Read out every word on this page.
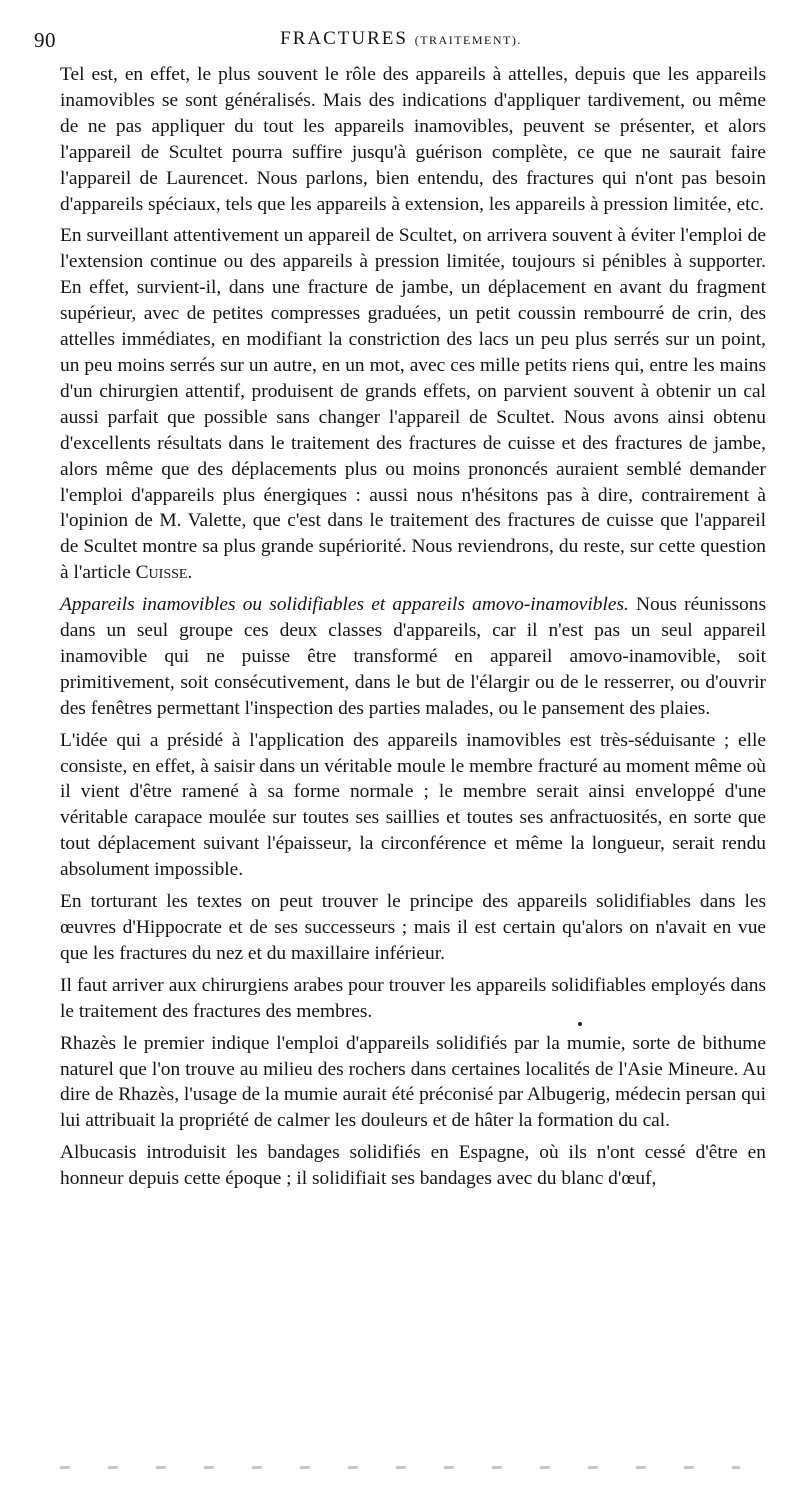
90	FRACTURES (TRAITEMENT).

Tel est, en effet, le plus souvent le rôle des appareils à attelles, depuis que les appareils inamovibles se sont généralisés. Mais des indications d'appliquer tardivement, ou même de ne pas appliquer du tout les appareils inamovibles, peuvent se présenter, et alors l'appareil de Scultet pourra suffire jusqu'à guérison complète, ce que ne saurait faire l'appareil de Laurencet. Nous parlons, bien entendu, des fractures qui n'ont pas besoin d'appareils spéciaux, tels que les appareils à extension, les appareils à pression limitée, etc.

En surveillant attentivement un appareil de Scultet, on arrivera souvent à éviter l'emploi de l'extension continue ou des appareils à pression limitée, toujours si pénibles à supporter. En effet, survient-il, dans une fracture de jambe, un déplacement en avant du fragment supérieur, avec de petites compresses graduées, un petit coussin rembourré de crin, des attelles immédiates, en modifiant la constriction des lacs un peu plus serrés sur un point, un peu moins serrés sur un autre, en un mot, avec ces mille petits riens qui, entre les mains d'un chirurgien attentif, produisent de grands effets, on parvient souvent à obtenir un cal aussi parfait que possible sans changer l'appareil de Scultet. Nous avons ainsi obtenu d'excellents résultats dans le traitement des fractures de cuisse et des fractures de jambe, alors même que des déplacements plus ou moins prononcés auraient semblé demander l'emploi d'appareils plus énergiques : aussi nous n'hésitons pas à dire, contrairement à l'opinion de M. Valette, que c'est dans le traitement des fractures de cuisse que l'appareil de Scultet montre sa plus grande supériorité. Nous reviendrons, du reste, sur cette question à l'article Cuisse.

Appareils inamovibles ou solidifiables et appareils amovo-inamovibles. Nous réunissons dans un seul groupe ces deux classes d'appareils, car il n'est pas un seul appareil inamovible qui ne puisse être transformé en appareil amovo-inamovible, soit primitivement, soit consécutivement, dans le but de l'élargir ou de le resserrer, ou d'ouvrir des fenêtres permettant l'inspection des parties malades, ou le pansement des plaies.

L'idée qui a présidé à l'application des appareils inamovibles est très-séduisante ; elle consiste, en effet, à saisir dans un véritable moule le membre fracturé au moment même où il vient d'être ramené à sa forme normale ; le membre serait ainsi enveloppé d'une véritable carapace moulée sur toutes ses saillies et toutes ses anfractuosités, en sorte que tout déplacement suivant l'épaisseur, la circonférence et même la longueur, serait rendu absolument impossible.

En torturant les textes on peut trouver le principe des appareils solidifiables dans les œuvres d'Hippocrate et de ses successeurs ; mais il est certain qu'alors on n'avait en vue que les fractures du nez et du maxillaire inférieur.

Il faut arriver aux chirurgiens arabes pour trouver les appareils solidifiables employés dans le traitement des fractures des membres.

Rhazès le premier indique l'emploi d'appareils solidifiés par la mumie, sorte de bithume naturel que l'on trouve au milieu des rochers dans certaines localités de l'Asie Mineure. Au dire de Rhazès, l'usage de la mumie aurait été préconisé par Albugerig, médecin persan qui lui attribuait la propriété de calmer les douleurs et de hâter la formation du cal.

Albucasis introduisit les bandages solidifiés en Espagne, où ils n'ont cessé d'être en honneur depuis cette époque ; il solidifiait ses bandages avec du blanc d'œuf,
